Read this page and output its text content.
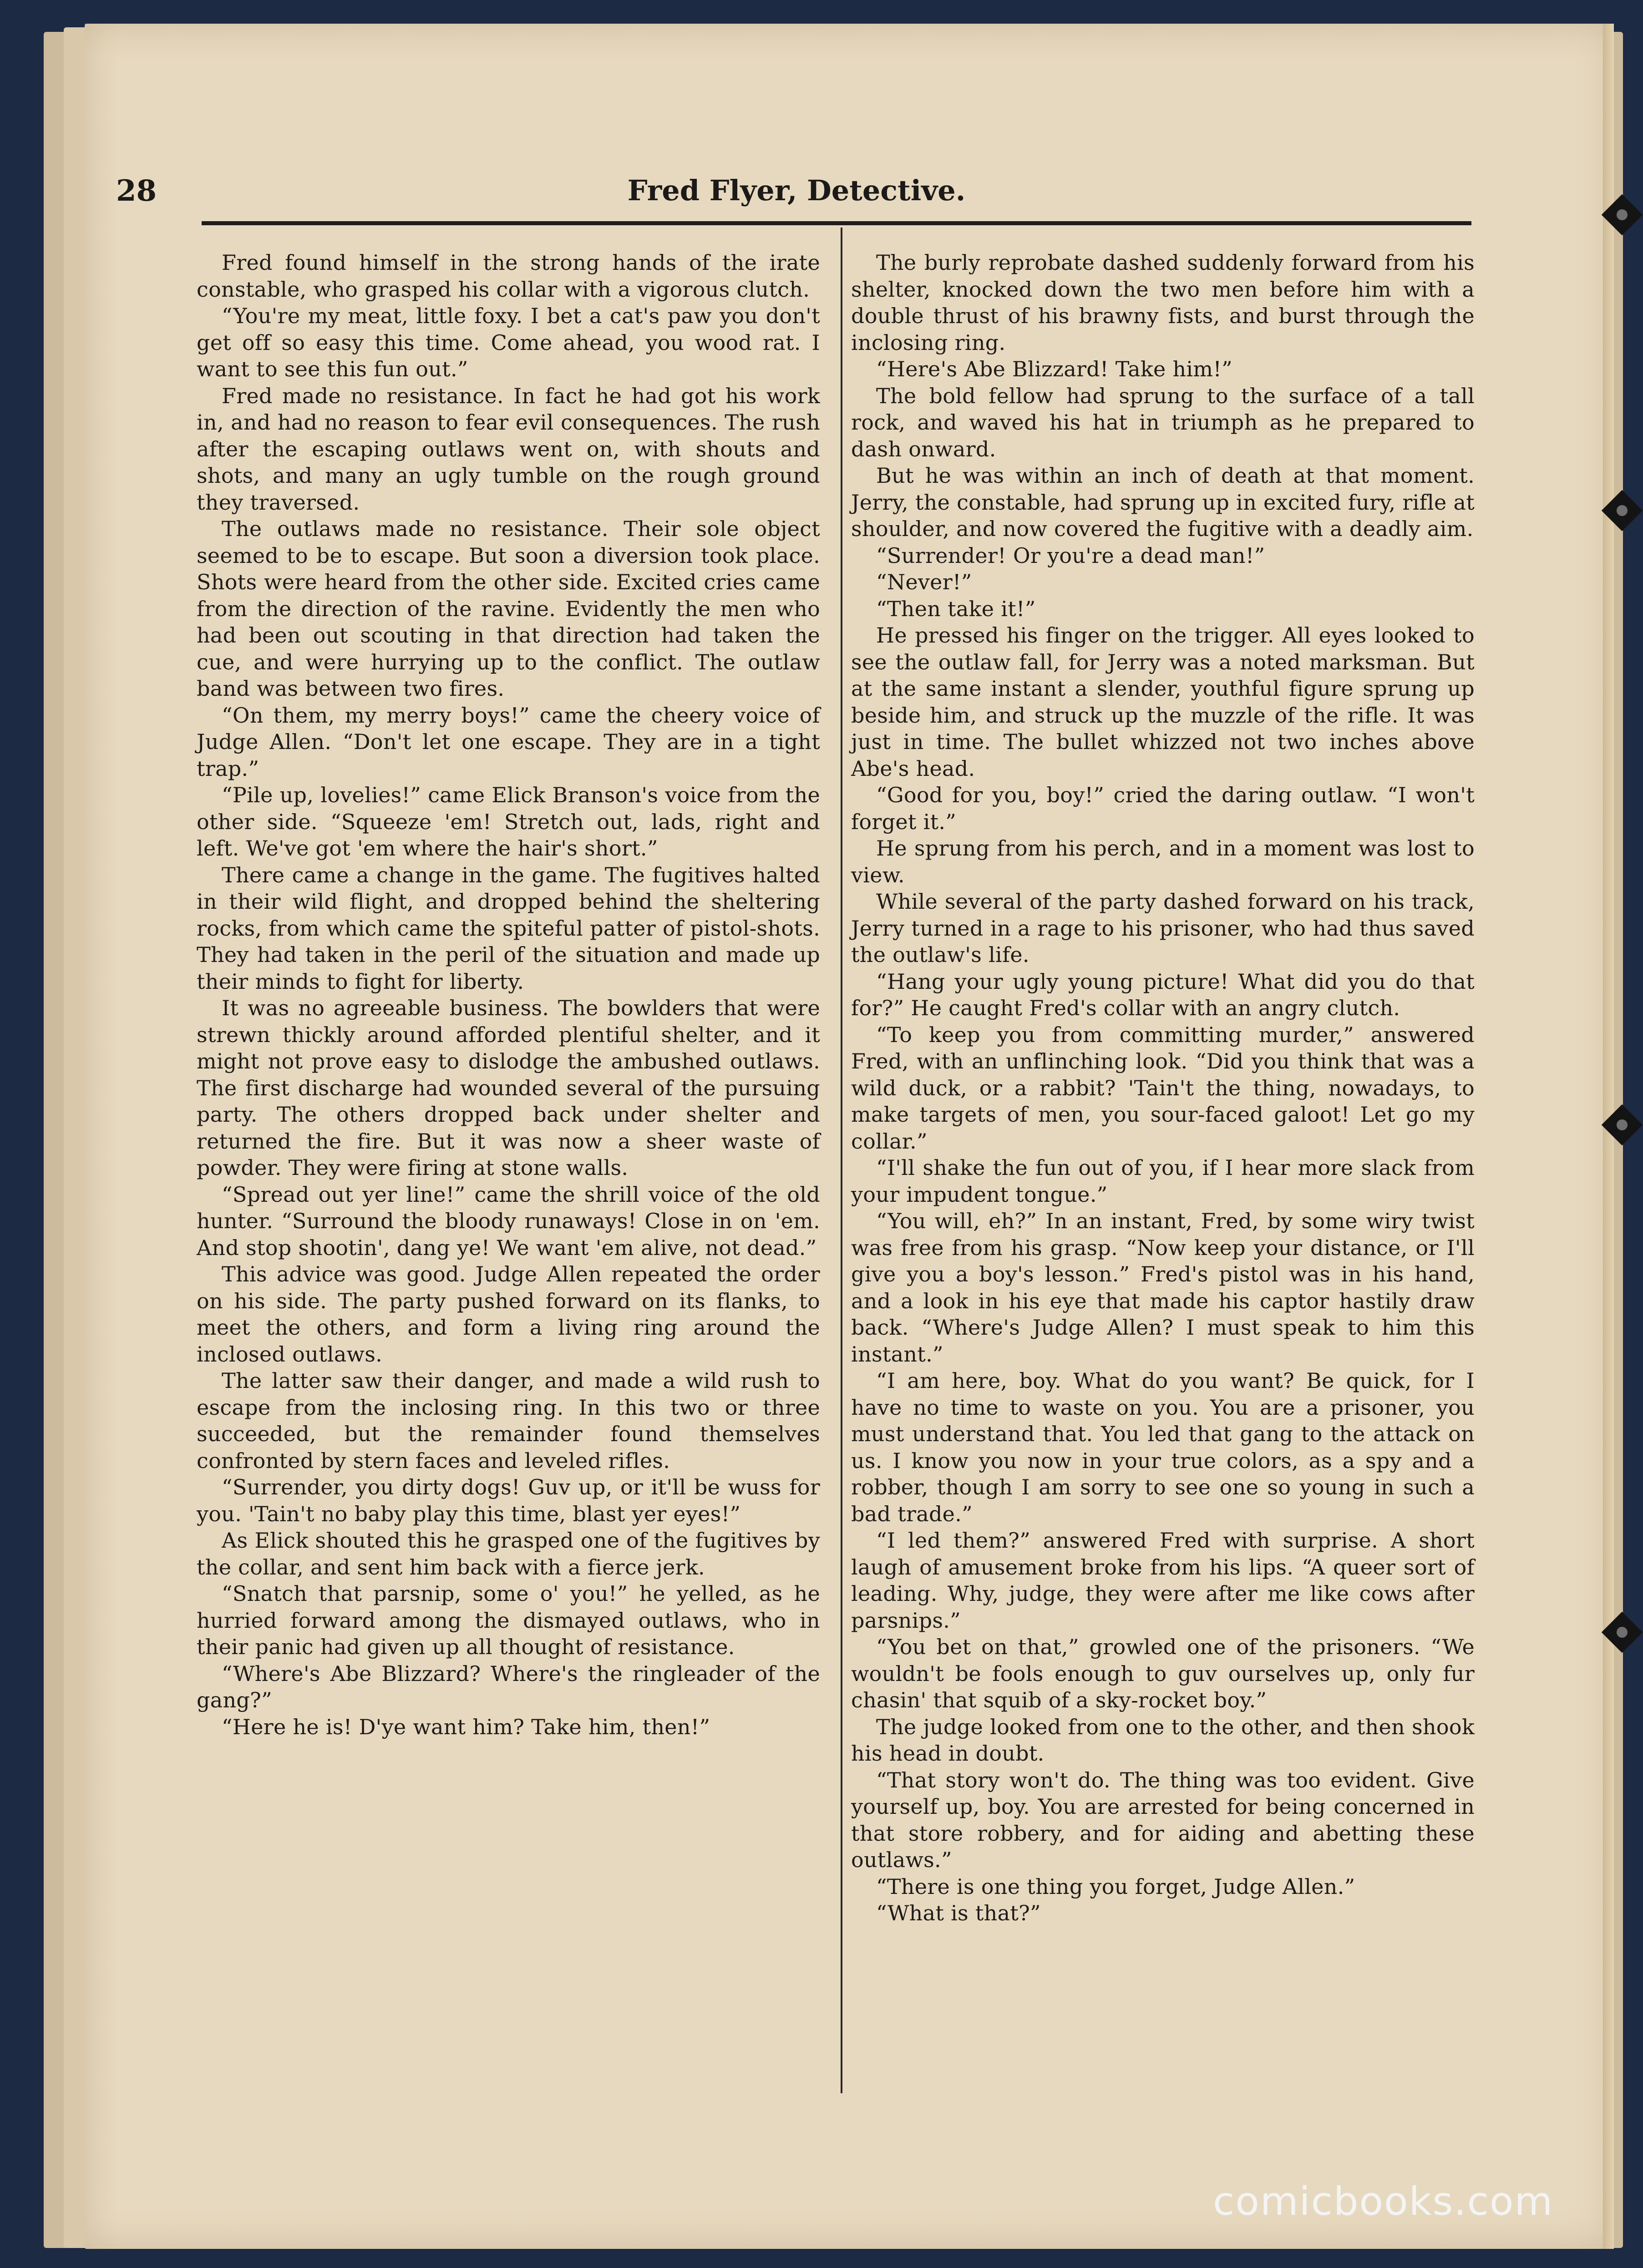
28	Fred Flyer, Detective.

Fred found himself in the strong hands of the irate constable, who grasped his collar with a vigorous clutch.

“You're my meat, little foxy. I bet a cat's paw you don't get off so easy this time. Come ahead, you wood rat. I want to see this fun out.”

Fred made no resistance. In fact he had got his work in, and had no reason to fear evil consequences. The rush after the escaping outlaws went on, with shouts and shots, and many an ugly tumble on the rough ground they traversed.

The outlaws made no resistance. Their sole object seemed to be to escape. But soon a diversion took place. Shots were heard from the other side. Excited cries came from the direction of the ravine. Evidently the men who had been out scouting in that direction had taken the cue, and were hurrying up to the conflict. The outlaw band was between two fires.

“On them, my merry boys!” came the cheery voice of Judge Allen. “Don't let one escape. They are in a tight trap.”

“Pile up, lovelies!” came Elick Branson's voice from the other side. “Squeeze 'em! Stretch out, lads, right and left. We've got 'em where the hair's short.”

There came a change in the game. The fugitives halted in their wild flight, and dropped behind the sheltering rocks, from which came the spiteful patter of pistol-shots. They had taken in the peril of the situation and made up their minds to fight for liberty.

It was no agreeable business. The bowlders that were strewn thickly around afforded plentiful shelter, and it might not prove easy to dislodge the ambushed outlaws. The first discharge had wounded several of the pursuing party. The others dropped back under shelter and returned the fire. But it was now a sheer waste of powder. They were firing at stone walls.

“Spread out yer line!” came the shrill voice of the old hunter. “Surround the bloody runaways! Close in on 'em. And stop shootin', dang ye! We want 'em alive, not dead.”

This advice was good. Judge Allen repeated the order on his side. The party pushed forward on its flanks, to meet the others, and form a living ring around the inclosed outlaws.

The latter saw their danger, and made a wild rush to escape from the inclosing ring. In this two or three succeeded, but the remainder found themselves confronted by stern faces and leveled rifles.

“Surrender, you dirty dogs! Guv up, or it'll be wuss for you. 'Tain't no baby play this time, blast yer eyes!”

As Elick shouted this he grasped one of the fugitives by the collar, and sent him back with a fierce jerk.

“Snatch that parsnip, some o' you!” he yelled, as he hurried forward among the dismayed outlaws, who in their panic had given up all thought of resistance.

“Where's Abe Blizzard? Where's the ringleader of the gang?”

“Here he is! D'ye want him? Take him, then!”

The burly reprobate dashed suddenly forward from his shelter, knocked down the two men before him with a double thrust of his brawny fists, and burst through the inclosing ring.

“Here's Abe Blizzard! Take him!”

The bold fellow had sprung to the surface of a tall rock, and waved his hat in triumph as he prepared to dash onward.

But he was within an inch of death at that moment. Jerry, the constable, had sprung up in excited fury, rifle at shoulder, and now covered the fugitive with a deadly aim.

“Surrender! Or you're a dead man!”

“Never!”

“Then take it!”

He pressed his finger on the trigger. All eyes looked to see the outlaw fall, for Jerry was a noted marksman. But at the same instant a slender, youthful figure sprung up beside him, and struck up the muzzle of the rifle. It was just in time. The bullet whizzed not two inches above Abe's head.

“Good for you, boy!” cried the daring outlaw. “I won't forget it.”

He sprung from his perch, and in a moment was lost to view.

While several of the party dashed forward on his track, Jerry turned in a rage to his prisoner, who had thus saved the outlaw's life.

“Hang your ugly young picture! What did you do that for?” He caught Fred's collar with an angry clutch.

“To keep you from committing murder,” answered Fred, with an unflinching look. “Did you think that was a wild duck, or a rabbit? 'Tain't the thing, nowadays, to make targets of men, you sour-faced galoot! Let go my collar.”

“I'll shake the fun out of you, if I hear more slack from your impudent tongue.”

“You will, eh?” In an instant, Fred, by some wiry twist was free from his grasp. “Now keep your distance, or I'll give you a boy's lesson.” Fred's pistol was in his hand, and a look in his eye that made his captor hastily draw back. “Where's Judge Allen? I must speak to him this instant.”

“I am here, boy. What do you want? Be quick, for I have no time to waste on you. You are a prisoner, you must understand that. You led that gang to the attack on us. I know you now in your true colors, as a spy and a robber, though I am sorry to see one so young in such a bad trade.”

“I led them?” answered Fred with surprise. A short laugh of amusement broke from his lips. “A queer sort of leading. Why, judge, they were after me like cows after parsnips.”

“You bet on that,” growled one of the prisoners. “We wouldn't be fools enough to guv ourselves up, only fur chasin' that squib of a sky-rocket boy.”

The judge looked from one to the other, and then shook his head in doubt.

“That story won't do. The thing was too evident. Give yourself up, boy. You are arrested for being concerned in that store robbery, and for aiding and abetting these outlaws.”

“There is one thing you forget, Judge Allen.”

“What is that?”

comicbooks.com
